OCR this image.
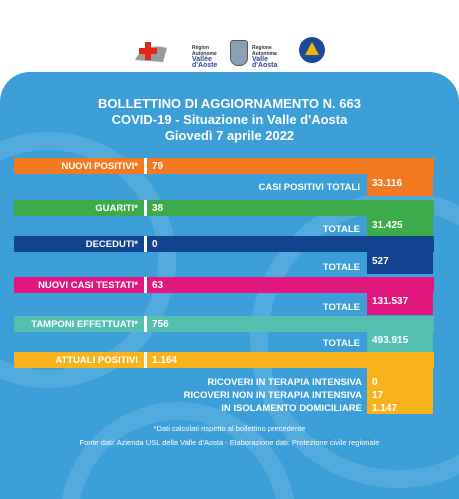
Région Autonome
Vallée d'Aoste
Regione Autonoma
Valle d'Aosta
BOLLETTINO DI AGGIORNAMENTO N. 663
COVID-19 - Situazione in Valle d'Aosta
Giovedì 7 aprile 2022
NUOVI POSITIVI* 79
CASI POSITIVI TOTALI 33.116
GUARITI* 38
TOTALE 31.425
DECEDUTI* 0
TOTALE
527
NUOVI CASI TESTATI* 63
TOTALE
131.537
TAMPONI EFFETTUATI* 756
TOTALE 493.915
ATTUALI POSITIVI 1.164
RICOVERI IN TERAPIA INTENSIVA 0
RICOVERI NON IN TERAPIA INTENSIVA 17
IN ISOLAMENTO DOMICILIARE 1.147
*Dati calcolati rispetto al bollettino precedente
Fonte dati: Azienda USL della Valle d'Aosta - Elaborazione dati: Protezione civile regionale
